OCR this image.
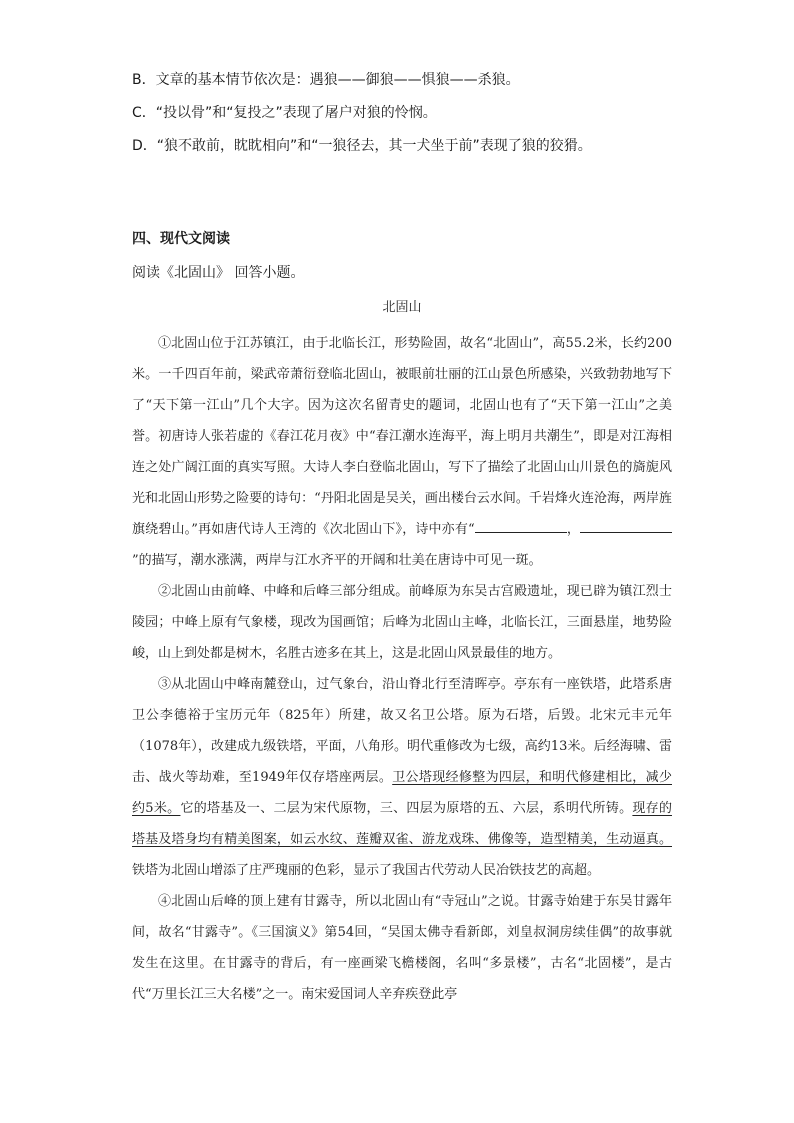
B．文章的基本情节依次是：遇狼——御狼——惧狼——杀狼。
C．“投以骨”和“复投之”表现了屠户对狼的怜悯。
D．“狼不敢前，眈眈相向”和“一狼径去，其一犬坐于前”表现了狼的狡猾。
四、现代文阅读
阅读《北固山》 回答小题。
北固山

①北固山位于江苏镇江，由于北临长江，形势险固，故名“北固山”，高55.2米，长约200米。一千四百年前，梁武帝萧衍登临北固山，被眼前壮丽的江山景色所感染，兴致勃勃地写下了“天下第一江山”几个大字。因为这次名留青史的题词，北固山也有了“天下第一江山”之美誉。初唐诗人张若虚的《春江花月夜》中“春江潮水连海平，海上明月共潮生”，即是对江海相连之处广阔江面的真实写照。大诗人李白登临北固山，写下了描绘了北固山山川景色的旖旎风光和北固山形势之险要的诗句：“丹阳北固是吴关，画出楼台云水间。千岩烽火连沧海，两岸旌旗绕碧山。”再如唐代诗人王湾的《次北固山下》，诗中亦有“	，”的描写，潮水涨满，两岸与江水齐平的开阔和壮美在唐诗中可见一斑。

②北固山由前峰、中峰和后峰三部分组成。前峰原为东吴古宫殿遗址，现已辟为镇江烈士陵园；中峰上原有气象楼，现改为国画馆；后峰为北固山主峰，北临长江，三面悬崖，地势险峻，山上到处都是树木，名胜古迹多在其上，这是北固山风景最佳的地方。

③从北固山中峰南麓登山，过气象台，沿山脊北行至清晖亭。亭东有一座铁塔，此塔系唐卫公李德裕于宝历元年（825年）所建，故又名卫公塔。原为石塔，后毁。北宋元丰元年（1078年），改建成九级铁塔，平面，八角形。明代重修改为七级，高约13米。后经海啸、雷击、战火等劫难，至1949年仅存塔座两层。卫公塔现经修整为四层，和明代修建相比，减少约5米。它的塔基及一、二层为宋代原物，三、四层为原塔的五、六层，系明代所铸。现存的塔基及塔身均有精美图案，如云水纹、莲瓣双雀、游龙戏珠、佛像等，造型精美，生动逼真。铁塔为北固山增添了庄严瑰丽的色彩，显示了我国古代劳动人民冶铁技艺的高超。

④北固山后峰的顶上建有甘露寺，所以北固山有“寺冠山”之说。甘露寺始建于东吴甘露年间，故名“甘露寺”。《三国演义》第54回，“吴国太佛寺看新郎，刘皇叔洞房续佳偶”的故事就发生在这里。在甘露寺的背后，有一座画梁飞檐楼阁，名叫“多景楼”，古名“北固楼”，是古代“万里长江三大名楼”之一。南宋爱国词人辛弃疾登此亭
